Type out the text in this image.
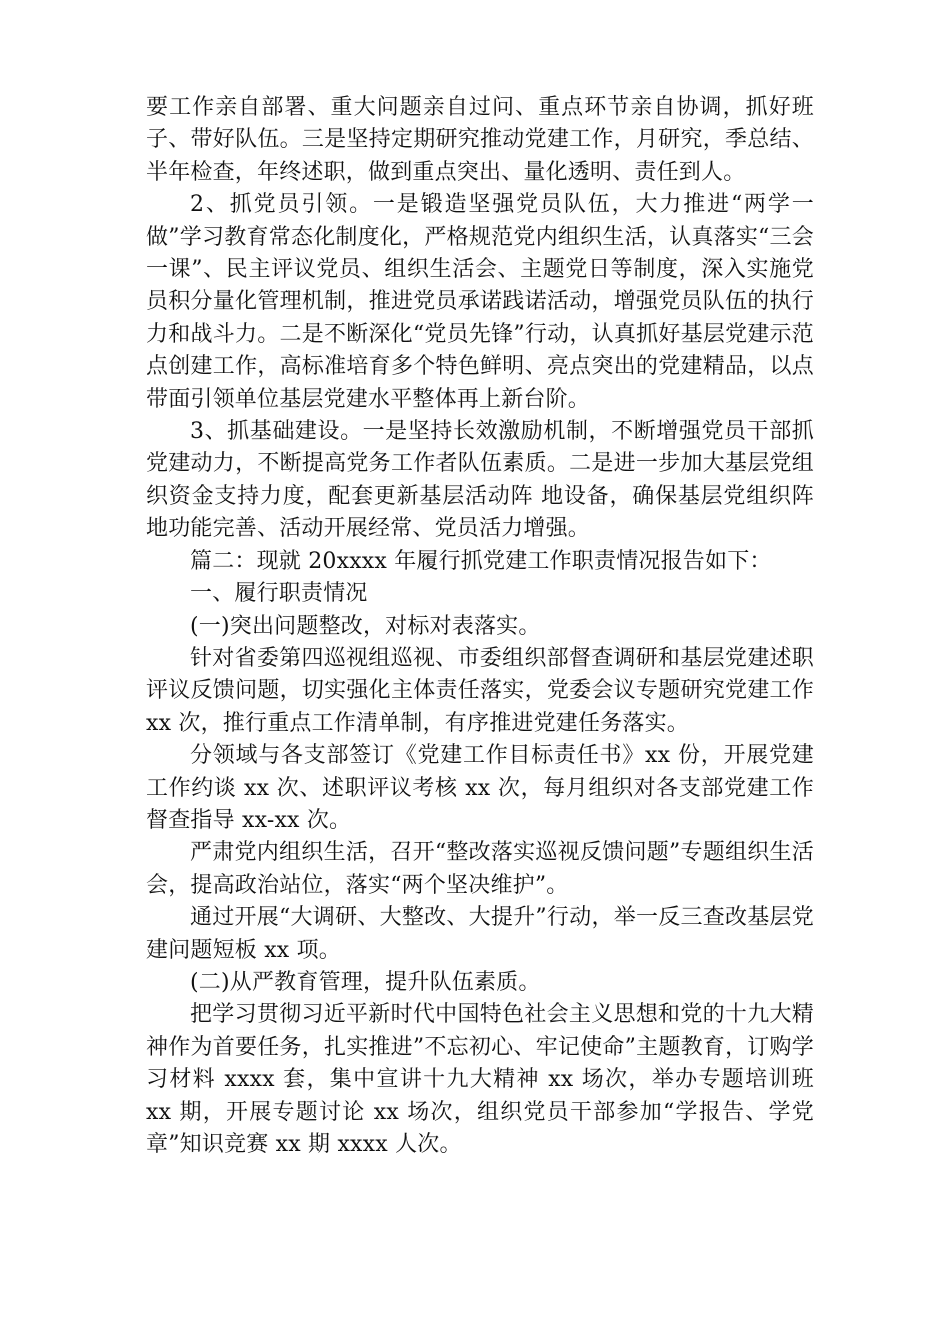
要工作亲自部署、重大问题亲自过问、重点环节亲自协调，抓好班子、带好队伍。三是坚持定期研究推动党建工作，月研究，季总结、半年检查，年终述职，做到重点突出、量化透明、责任到人。

2、抓党员引领。一是锻造坚强党员队伍，大力推进“两学一做”学习教育常态化制度化，严格规范党内组织生活，认真落实“三会一课”、民主评议党员、组织生活会、主题党日等制度，深入实施党员积分量化管理机制，推进党员承诺践诺活动，增强党员队伍的执行力和战斗力。二是不断深化“党员先锋”行动，认真抓好基层党建示范点创建工作，高标准培育多个特色鲜明、亮点突出的党建精品，以点带面引领单位基层党建水平整体再上新台阶。

3、抓基础建设。一是坚持长效激励机制，不断增强党员干部抓党建动力，不断提高党务工作者队伍素质。二是进一步加大基层党组织资金支持力度，配套更新基层活动阵 地设备，确保基层党组织阵地功能完善、活动开展经常、党员活力增强。

篇二：现就 20xxxx 年履行抓党建工作职责情况报告如下：

一、履行职责情况

(一)突出问题整改，对标对表落实。

针对省委第四巡视组巡视、市委组织部督查调研和基层党建述职评议反馈问题，切实强化主体责任落实，党委会议专题研究党建工作 xx 次，推行重点工作清单制，有序推进党建任务落实。

分领域与各支部签订《党建工作目标责任书》xx 份，开展党建工作约谈 xx 次、述职评议考核 xx 次，每月组织对各支部党建工作督查指导 xx-xx 次。

严肃党内组织生活，召开“整改落实巡视反馈问题”专题组织生活会，提高政治站位，落实“两个坚决维护”。

通过开展“大调研、大整改、大提升”行动，举一反三查改基层党建问题短板 xx 项。

(二)从严教育管理，提升队伍素质。

把学习贯彻习近平新时代中国特色社会主义思想和党的十九大精神作为首要任务，扎实推进”不忘初心、牢记使命”主题教育，订购学习材料 xxxx 套，集中宣讲十九大精神 xx 场次，举办专题培训班 xx 期，开展专题讨论 xx 场次，组织党员干部参加“学报告、学党章”知识竞赛 xx 期 xxxx 人次。
